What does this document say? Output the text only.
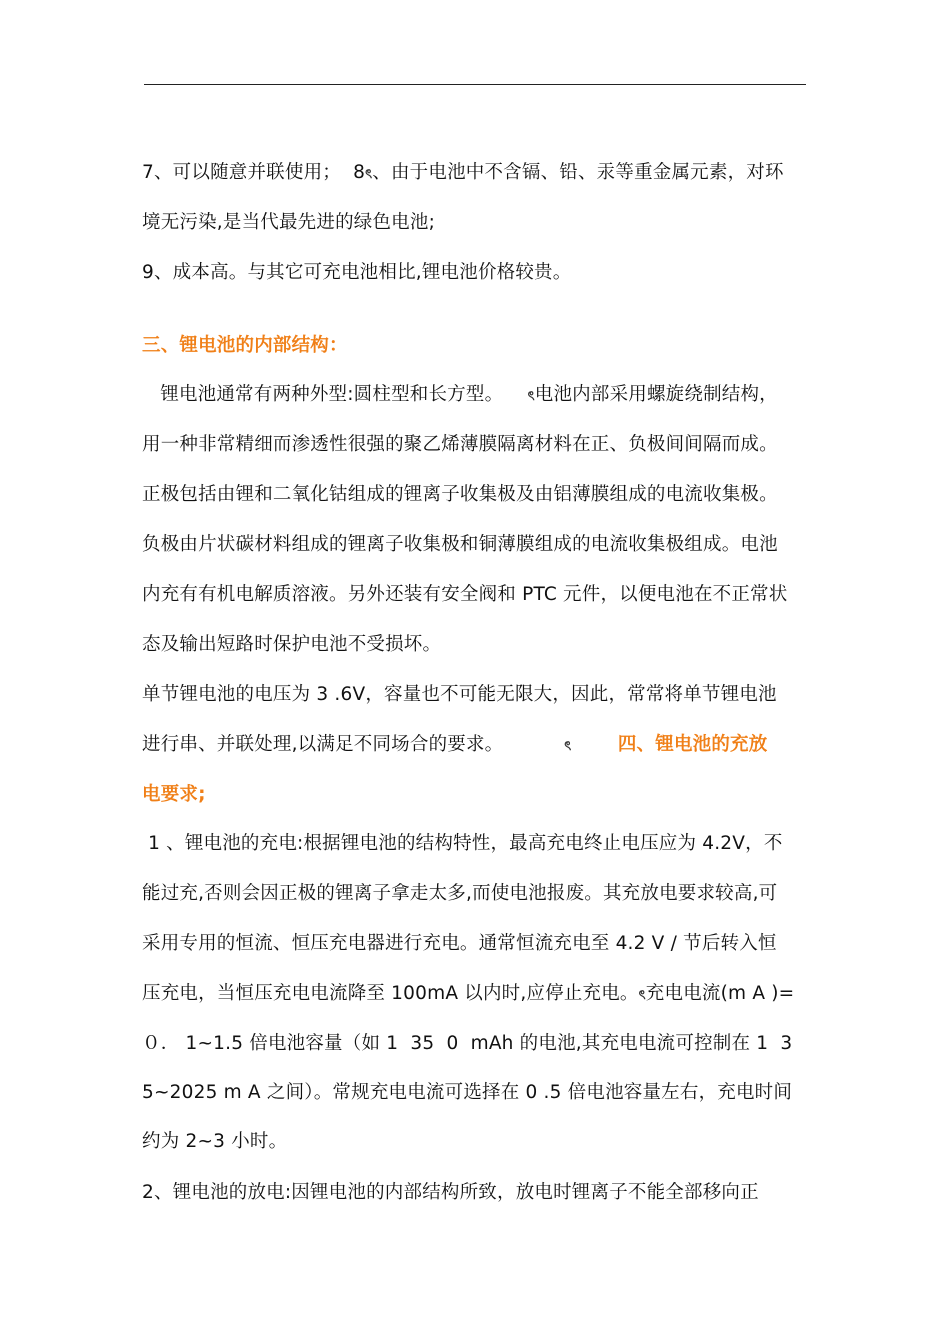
7、可以随意并联使用；  8ৎ、由于电池中不含镉、铅、汞等重金属元素，对环
境无污染,是当代最先进的绿色电池;
9、成本高。与其它可充电池相比,锂电池价格较贵。
三、锂电池的内部结构：
锂电池通常有两种外型:圆柱型和长方型。    ৎ电池内部采用螺旋绕制结构，
用一种非常精细而渗透性很强的聚乙烯薄膜隔离材料在正、负极间间隔而成。
正极包括由锂和二氧化钴组成的锂离子收集极及由铝薄膜组成的电流收集极。
负极由片状碳材料组成的锂离子收集极和铜薄膜组成的电流收集极组成。电池
内充有有机电解质溶液。另外还装有安全阀和 PTC 元件，以便电池在不正常状
态及输出短路时保护电池不受损坏。
单节锂电池的电压为 3 .6V，容量也不可能无限大，因此，常常将单节锂电池
进行串、并联处理,以满足不同场合的要求。          ৎ       四、锂电池的充放
电要求;
1 、锂电池的充电:根据锂电池的结构特性，最高充电终止电压应为 4.2V，不
能过充,否则会因正极的锂离子拿走太多,而使电池报废。其充放电要求较高,可
采用专用的恒流、恒压充电器进行充电。通常恒流充电至 4.2 V / 节后转入恒
压充电，当恒压充电电流降至 100mA 以内时,应停止充电。ৎ充电电流(m A )=
０． 1~1.5 倍电池容量（如 1  35  0  mAh 的电池,其充电电流可控制在 1  3
5~2025 m A 之间）。常规充电电流可选择在 0 .5 倍电池容量左右，充电时间
约为 2~3 小时。
2、锂电池的放电:因锂电池的内部结构所致，放电时锂离子不能全部移向正
